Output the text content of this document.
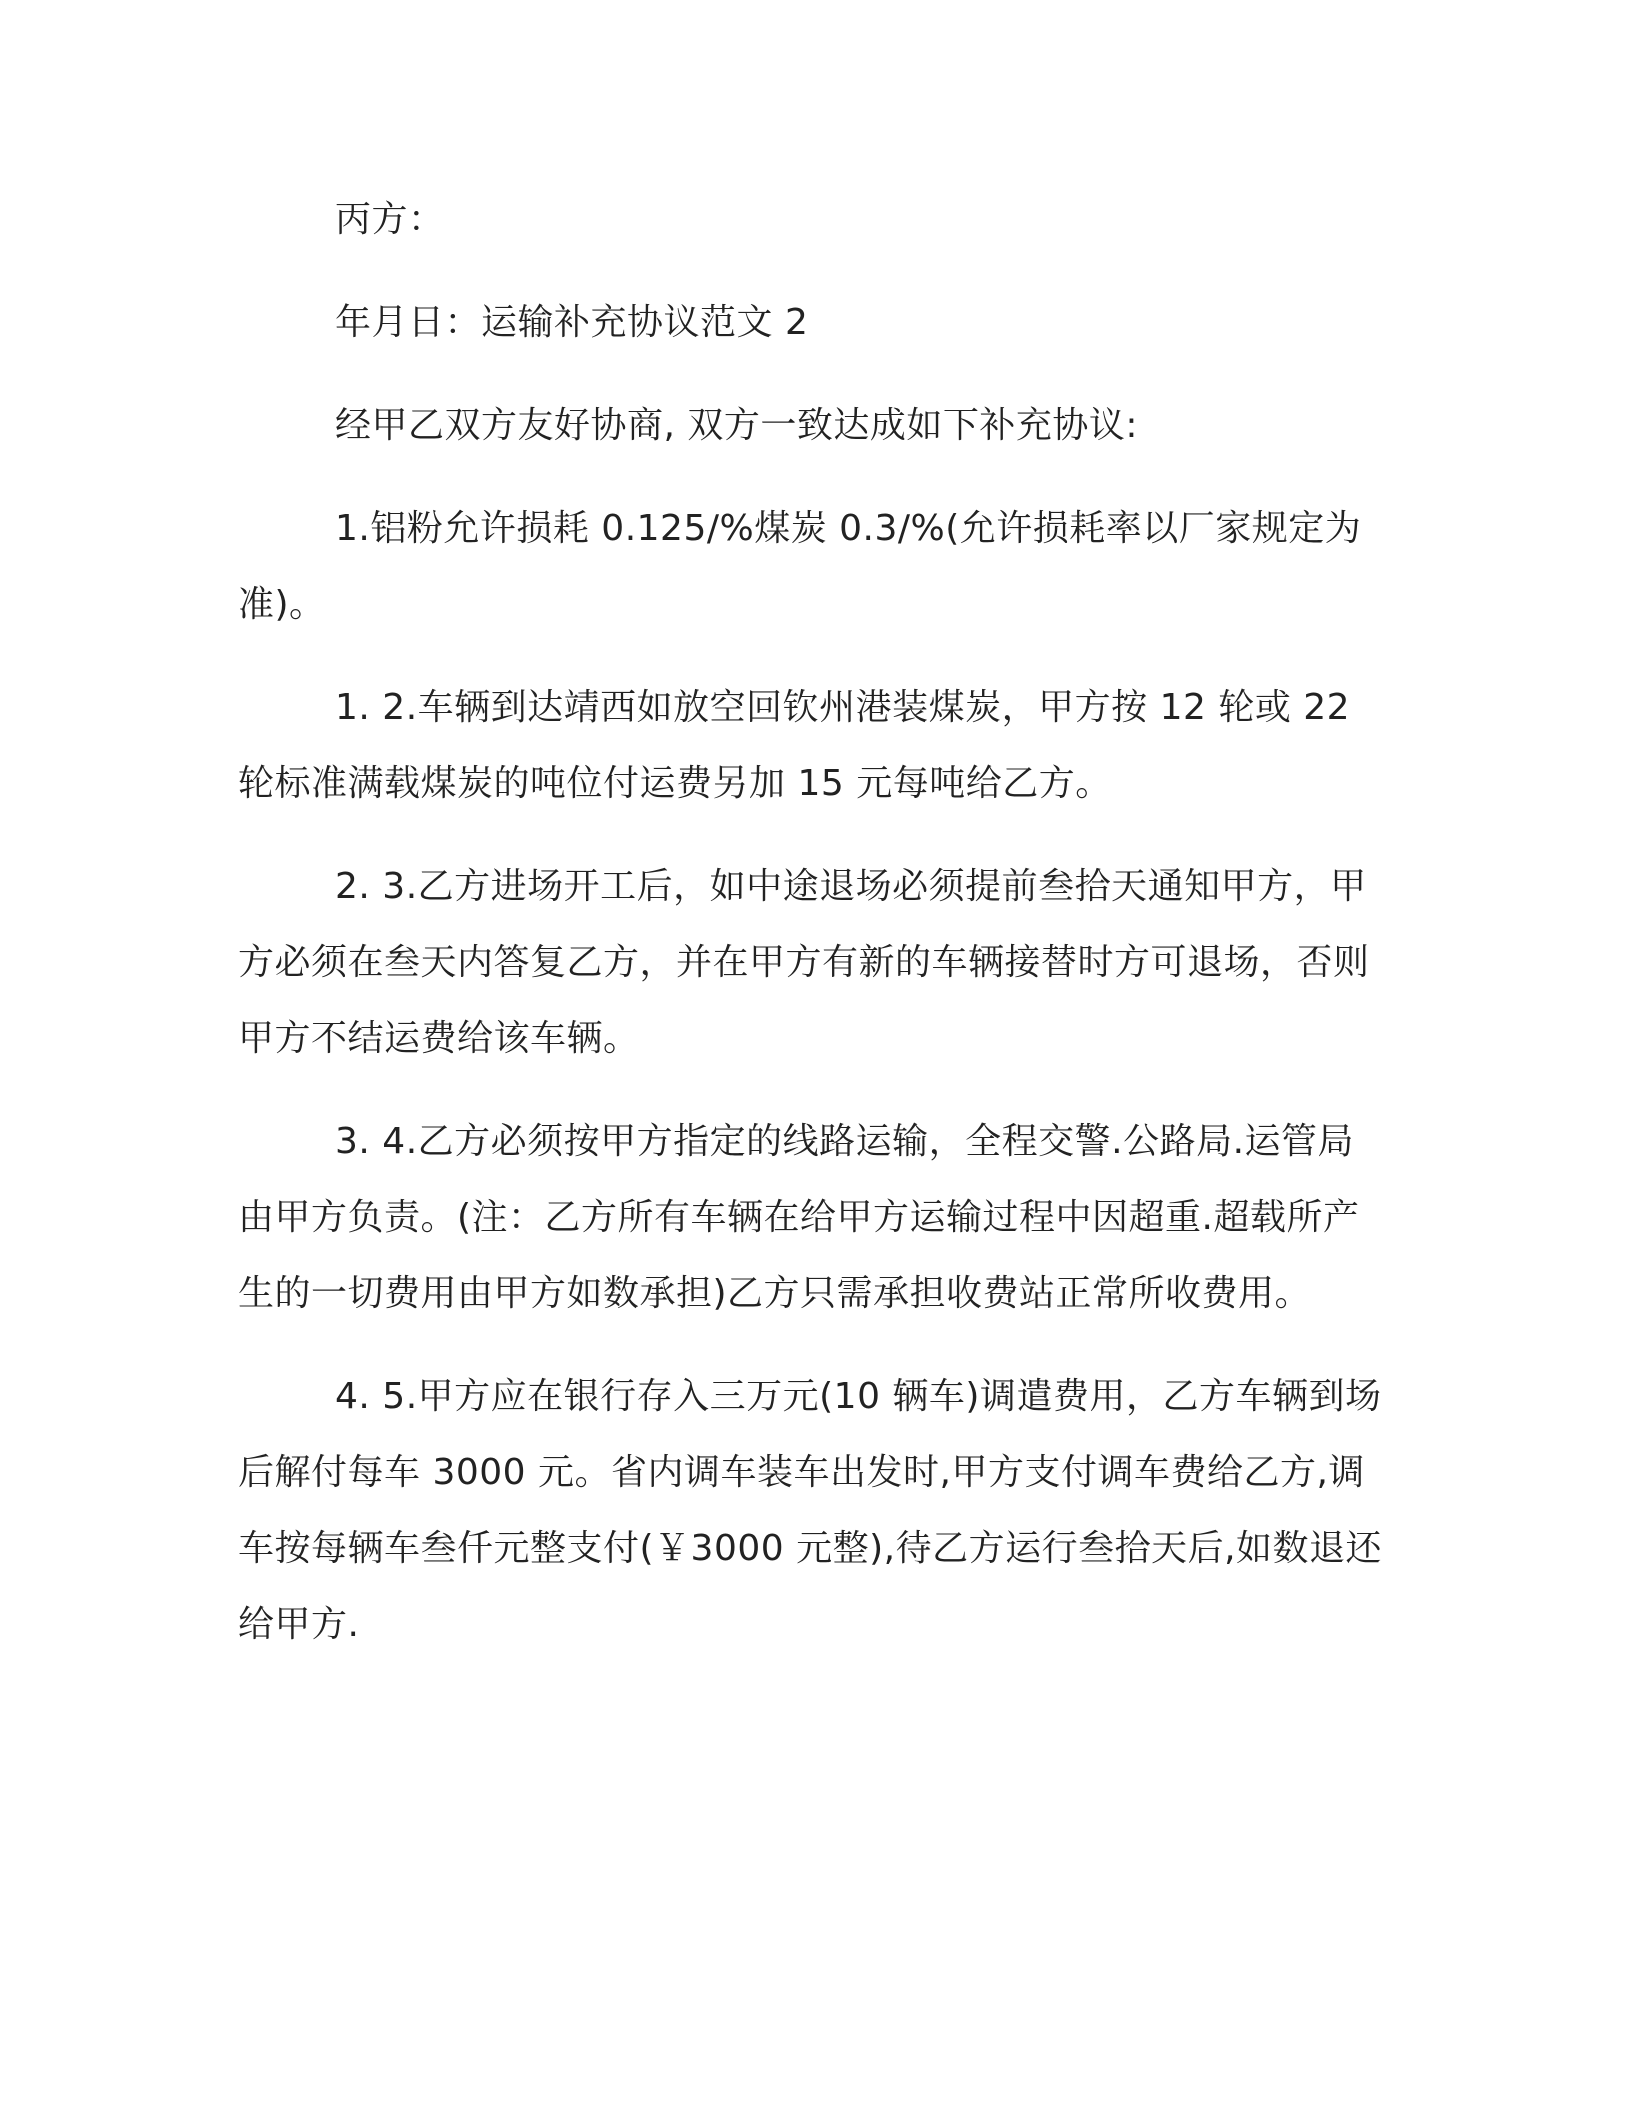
丙方：

年月日：运输补充协议范文 2

经甲乙双方友好协商, 双方一致达成如下补充协议:

1.铝粉允许损耗 0.125/%煤炭 0.3/%(允许损耗率以厂家规定为准)。

1. 2.车辆到达靖西如放空回钦州港装煤炭，甲方按 12 轮或 22 轮标准满载煤炭的吨位付运费另加 15 元每吨给乙方。

2. 3.乙方进场开工后，如中途退场必须提前叁拾天通知甲方，甲方必须在叁天内答复乙方，并在甲方有新的车辆接替时方可退场，否则甲方不结运费给该车辆。

3. 4.乙方必须按甲方指定的线路运输，全程交警.公路局.运管局由甲方负责。(注：乙方所有车辆在给甲方运输过程中因超重.超载所产生的一切费用由甲方如数承担)乙方只需承担收费站正常所收费用。

4. 5.甲方应在银行存入三万元(10 辆车)调遣费用，乙方车辆到场后解付每车 3000 元。省内调车装车出发时,甲方支付调车费给乙方,调车按每辆车叁仟元整支付(￥3000 元整),待乙方运行叁拾天后,如数退还给甲方.
